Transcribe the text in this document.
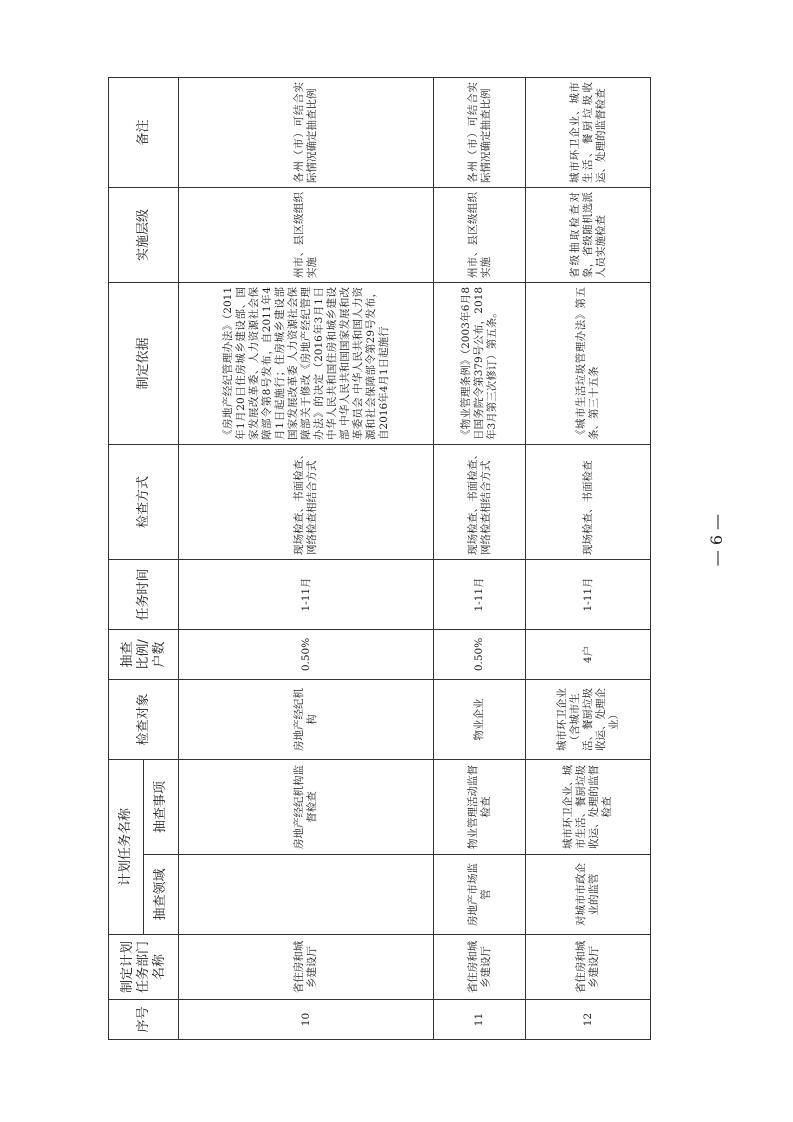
序号	制定计划任务部门名称	计划任务名称		检查对象	抽查比例/户数	任务时间	检查方式	制定依据	实施层级	备注
		抽查领域	抽查事项							
10	省住房和城乡建设厅		房地产经纪机构监督检查	房地产经纪机构	0.50%	1-11月	现场检查、书面检查、网络检查相结合方式	《房地产经纪管理办法》（2011年1月20日住房城乡建设部、国家发展改革委、人力资源社会保障部令第8号发布，自2011年4月1日起施行；住房城乡建设部 国家发展改革委 人力资源社会保障部关于修改《房地产经纪管理办法》的决定（2016年3月1日中华人民共和国住房和城乡建设部 中华人民共和国国家发展和改革委员会 中华人民共和国人力资源和社会保障部令第29号发布，自2016年4月1日起施行	州市、县区级组织实施	各州（市）可结合实际情况确定抽查比例
11	省住房和城乡建设厅	房地产市场监管	物业管理活动监督检查	物业企业	0.50%	1-11月	现场检查、书面检查、网络检查相结合方式	《物业管理条例》（2003年6月8日国务院令第379号公布，2018年3月第三次修订）第五条。	州市、县区级组织实施	各州（市）可结合实际情况确定抽查比例
12	省住房和城乡建设厅	对城市市政企业的监管	城市环卫企业、城市生活、餐厨垃圾收运、处理的监督检查	城市环卫企业（含城市生活、餐厨垃圾收运、处理企业）	4户	1-11月	现场检查、书面检查	《城市生活垃圾管理办法》第五条、第三十五条	省级抽取检查对象，省级随机选派人员实施检查	城市环卫企业、城市生活、餐厨垃圾收运、处理的监督检查
— 6 —
